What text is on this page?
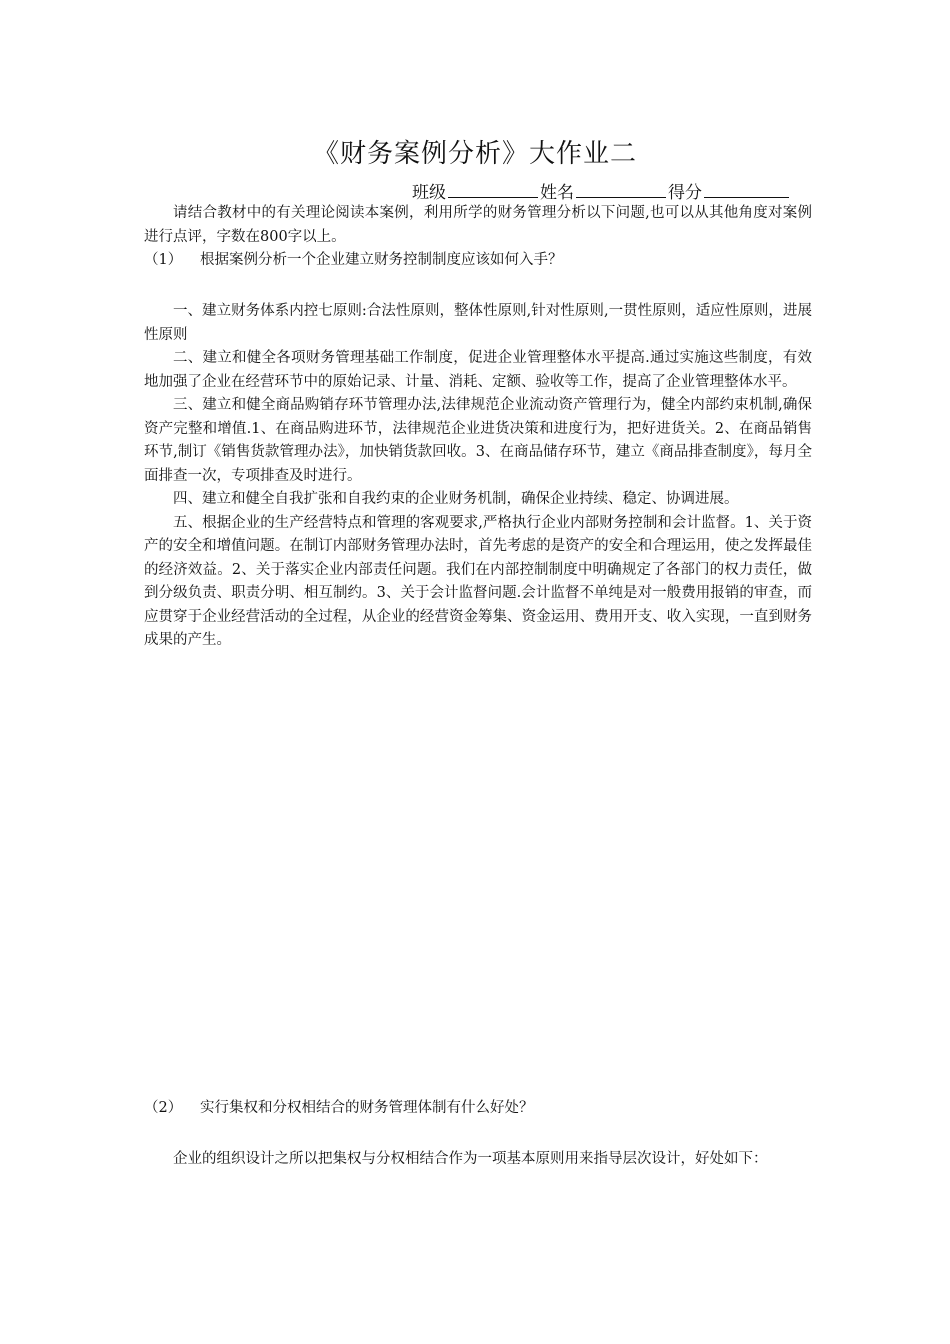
《财务案例分析》大作业二
班级	姓名	得分

请结合教材中的有关理论阅读本案例，利用所学的财务管理分析以下问题,也可以从其他角度对案例进行点评，字数在800字以上。

（1） 根据案例分析一个企业建立财务控制制度应该如何入手？

一、建立财务体系内控七原则:合法性原则，整体性原则,针对性原则,一贯性原则，适应性原则，进展性原则

二、建立和健全各项财务管理基础工作制度，促进企业管理整体水平提高.通过实施这些制度，有效地加强了企业在经营环节中的原始记录、计量、消耗、定额、验收等工作，提高了企业管理整体水平。

三、建立和健全商品购销存环节管理办法,法律规范企业流动资产管理行为，健全内部约束机制,确保资产完整和增值.1、在商品购进环节，法律规范企业进货决策和进度行为，把好进货关。2、在商品销售环节,制订《销售货款管理办法》，加快销货款回收。3、在商品储存环节，建立《商品排查制度》，每月全面排查一次，专项排查及时进行。

四、建立和健全自我扩张和自我约束的企业财务机制，确保企业持续、稳定、协调进展。

五、根据企业的生产经营特点和管理的客观要求,严格执行企业内部财务控制和会计监督。1、关于资产的安全和增值问题。在制订内部财务管理办法时，首先考虑的是资产的安全和合理运用，使之发挥最佳的经济效益。2、关于落实企业内部责任问题。我们在内部控制制度中明确规定了各部门的权力责任，做到分级负责、职责分明、相互制约。3、关于会计监督问题.会计监督不单纯是对一般费用报销的审查，而应贯穿于企业经营活动的全过程，从企业的经营资金筹集、资金运用、费用开支、收入实现，一直到财务成果的产生。

（2） 实行集权和分权相结合的财务管理体制有什么好处？

企业的组织设计之所以把集权与分权相结合作为一项基本原则用来指导层次设计，好处如下：
